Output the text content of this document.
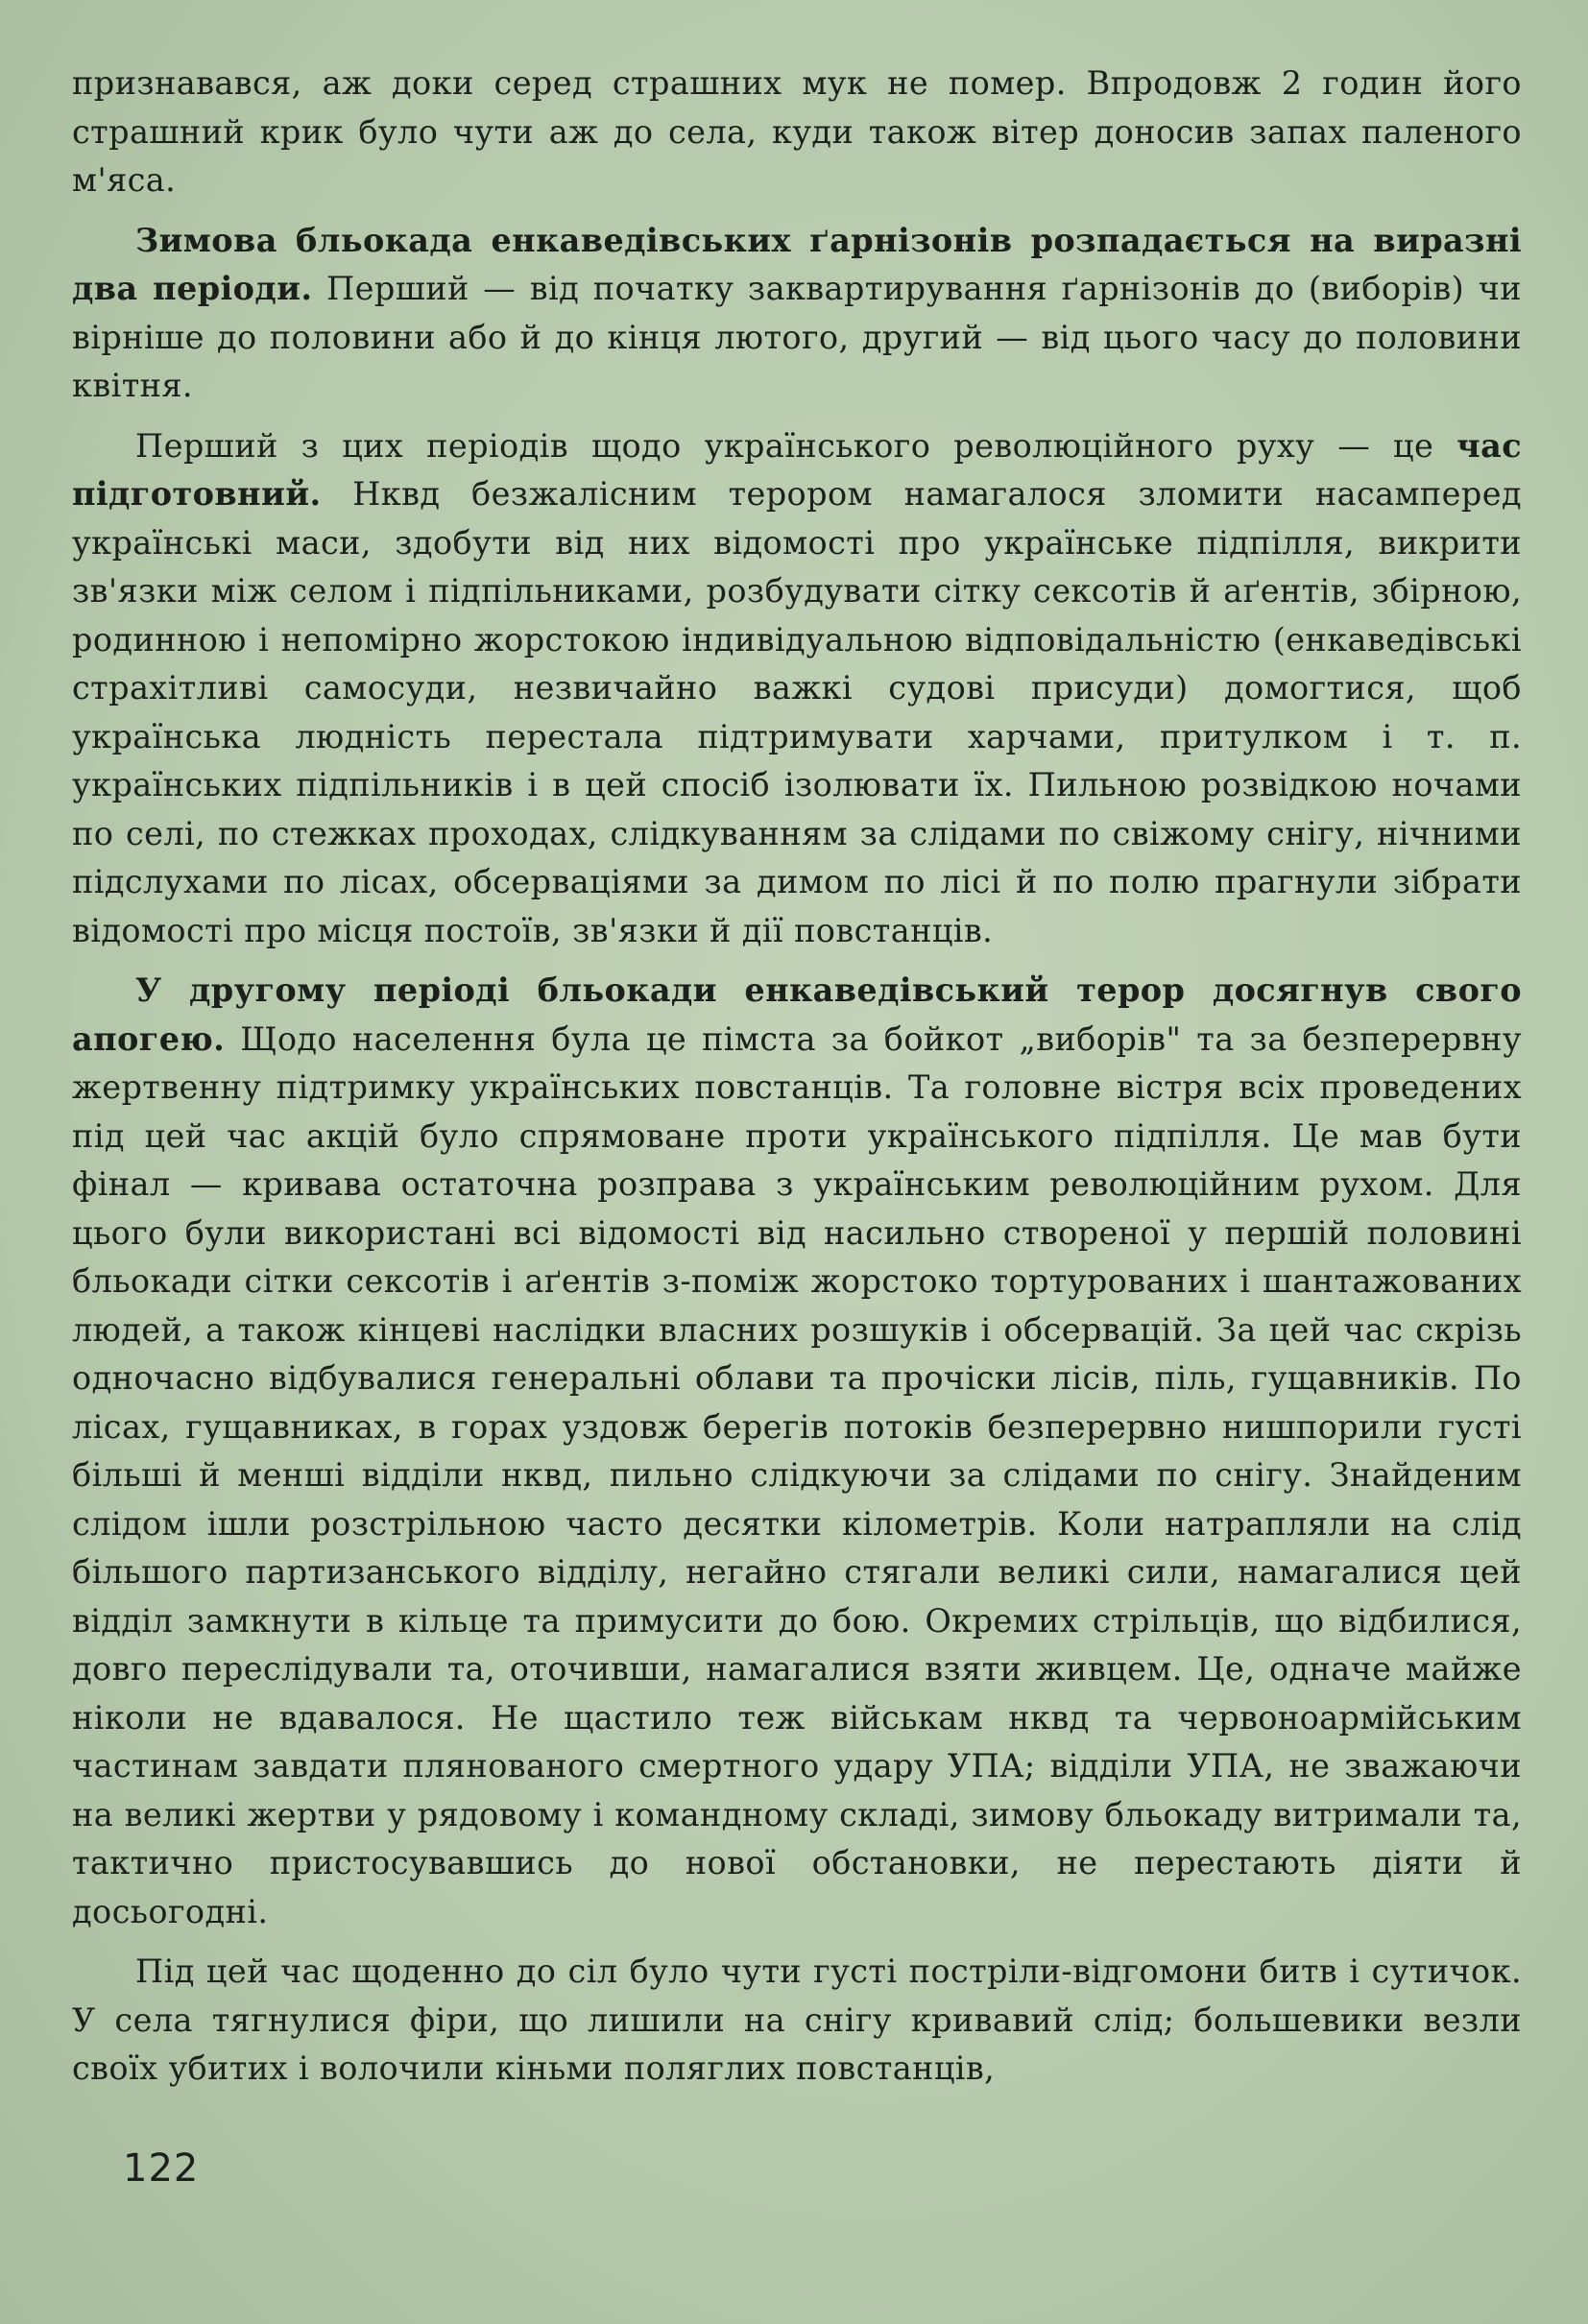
признавався, аж доки серед страшних мук не помер. Впродовж 2 годин його страшний крик було чути аж до села, куди також вітер доносив запах паленого м'яса.

Зимова бльокада енкаведівських ґарнізонів розпадається на виразні два періоди. Перший — від початку заквартирування ґарнізонів до (виборів) чи вірніше до половини або й до кінця лютого, другий — від цього часу до половини квітня.

Перший з цих періодів щодо українського революційного руху — це час підготовний. Нквд безжалісним терором намагалося зломити насамперед українські маси, здобути від них відомості про українське підпілля, викрити зв'язки між селом і підпільниками, розбудувати сітку сексотів й аґентів, збірною, родинною і непомірно жорстокою індивідуальною відповідальністю (енкаведівські страхітливі самосуди, незвичайно важкі судові присуди) домогтися, щоб українська людність перестала підтримувати харчами, притулком і т. п. українських підпільників і в цей спосіб ізолювати їх. Пильною розвідкою ночами по селі, по стежках проходах, слідкуванням за слідами по свіжому снігу, нічними підслухами по лісах, обсерваціями за димом по лісі й по полю прагнули зібрати відомості про місця постоїв, зв'язки й дії повстанців.

У другому періоді бльокади енкаведівський терор досягнув свого апогею. Щодо населення була це пімста за бойкот „виборів" та за безперервну жертвенну підтримку українських повстанців. Та головне вістря всіх проведених під цей час акцій було спрямоване проти українського підпілля. Це мав бути фінал — кривава остаточна розправа з українським революційним рухом. Для цього були використані всі відомості від насильно створеної у першій половині бльокади сітки сексотів і аґентів з-поміж жорстоко тортурованих і шантажованих людей, а також кінцеві наслідки власних розшуків і обсервацій. За цей час скрізь одночасно відбувалися генеральні облави та прочіски лісів, піль, гущавників. По лісах, гущавниках, в горах уздовж берегів потоків безперервно нишпорили густі більші й менші відділи нквд, пильно слідкуючи за слідами по снігу. Знайденим слідом ішли розстрільною часто десятки кілометрів. Коли натрапляли на слід більшого партизанського відділу, негайно стягали великі сили, намагалися цей відділ замкнути в кільце та примусити до бою. Окремих стрільців, що відбилися, довго переслідували та, оточивши, намагалися взяти живцем. Це, одначе майже ніколи не вдавалося. Не щастило теж військам нквд та червоноармійським частинам завдати плянованого смертного удару УПА; відділи УПА, не зважаючи на великі жертви у рядовому і командному складі, зимову бльокаду витримали та, тактично пристосувавшись до нової обстановки, не перестають діяти й досьогодні.

Під цей час щоденно до сіл було чути густі постріли-відгомони битв і сутичок. У села тягнулися фіри, що лишили на снігу кривавий слід; большевики везли своїх убитих і волочили кіньми поляглих повстанців,

122
